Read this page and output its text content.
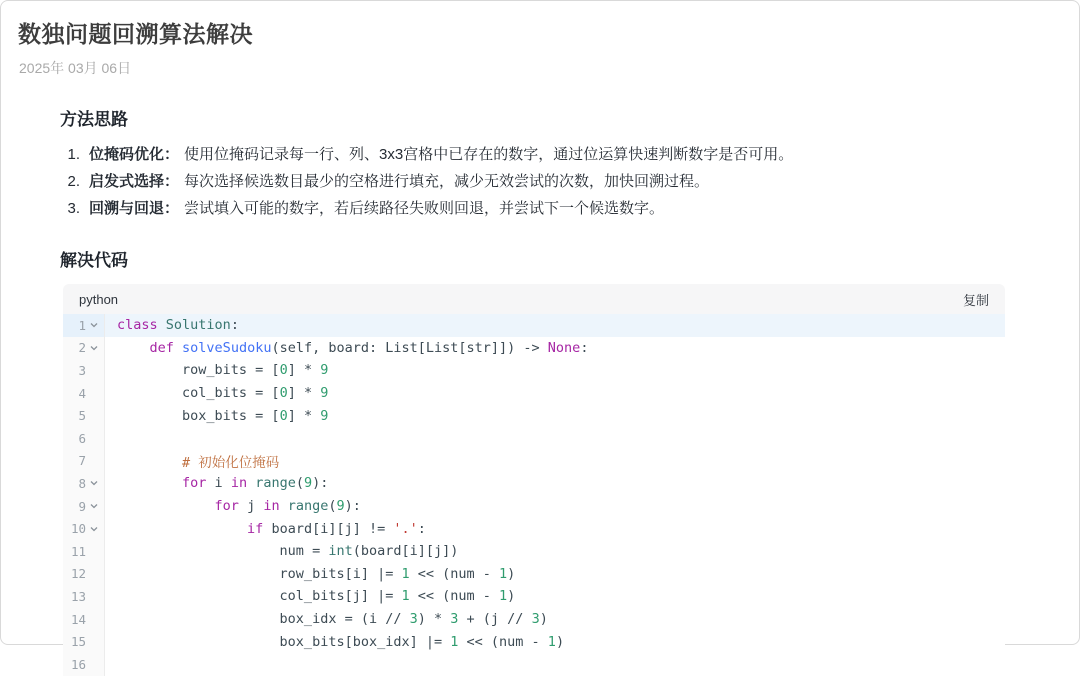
数独问题回溯算法解决
2025年 03月 06日
方法思路
1. 位掩码优化： 使用位掩码记录每一行、列、3x3宫格中已存在的数字，通过位运算快速判断数字是否可用。
2. 启发式选择： 每次选择候选数目最少的空格进行填充，减少无效尝试的次数，加快回溯过程。
3. 回溯与回退： 尝试填入可能的数字，若后续路径失败则回退，并尝试下一个候选数字。
解决代码
python	复制
1	class Solution:
2	def solveSudoku(self, board: List[List[str]]) -> None:
3	row_bits = [0] * 9
4	col_bits = [0] * 9
5	box_bits = [0] * 9
6
7	# 初始化位掩码
8	for i in range(9):
9	for j in range(9):
10	if board[i][j] != '.':
11	num = int(board[i][j])
12	row_bits[i] |= 1 << (num - 1)
13	col_bits[j] |= 1 << (num - 1)
14	box_idx = (i // 3) * 3 + (j // 3)
15	box_bits[box_idx] |= 1 << (num - 1)
16
